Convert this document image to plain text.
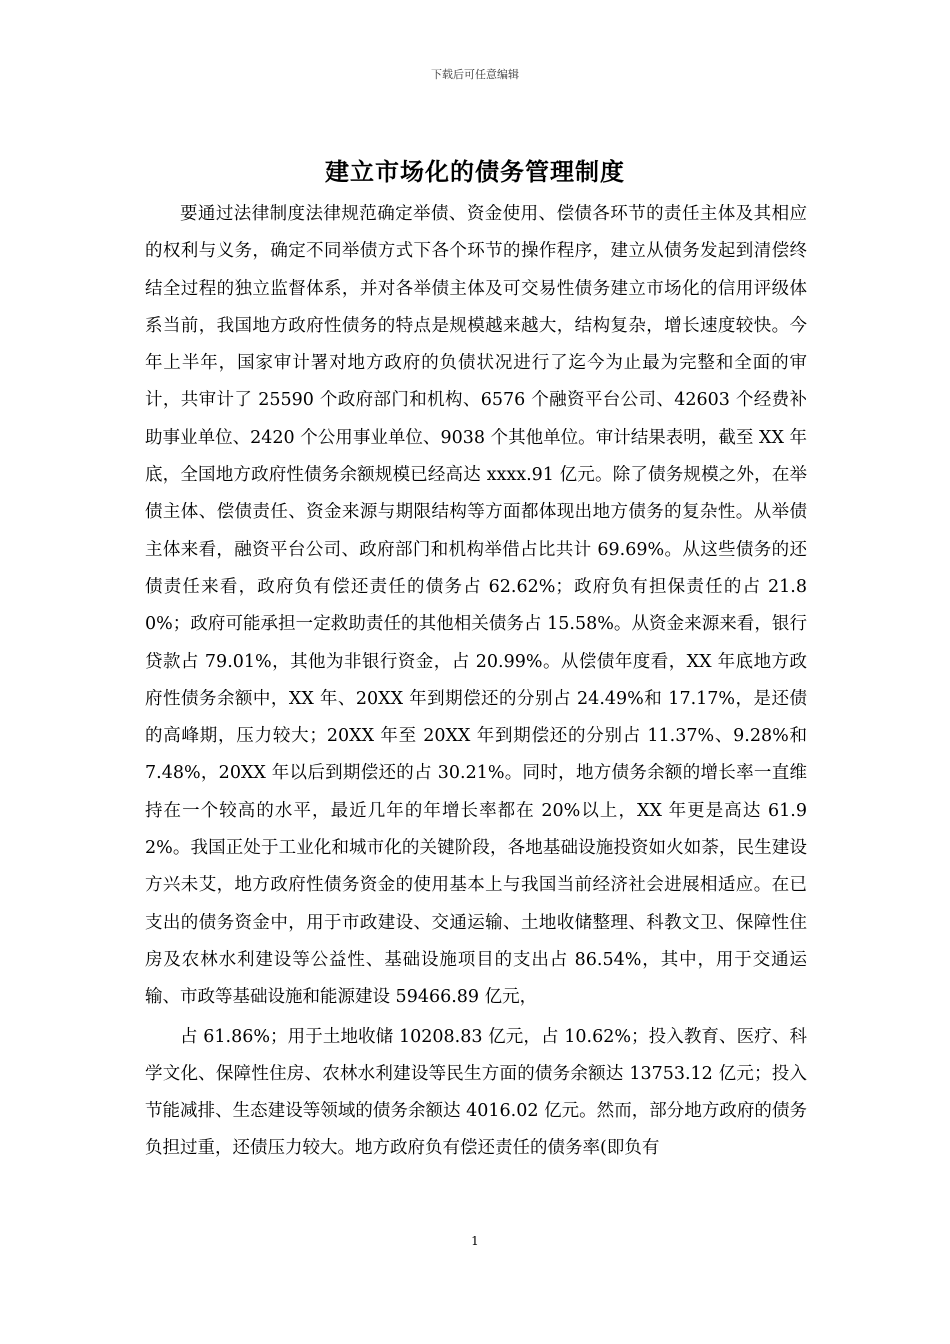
下载后可任意编辑
建立市场化的债务管理制度

要通过法律制度法律规范确定举债、资金使用、偿债各环节的责任主体及其相应的权利与义务，确定不同举债方式下各个环节的操作程序，建立从债务发起到清偿终结全过程的独立监督体系，并对各举债主体及可交易性债务建立市场化的信用评级体系当前，我国地方政府性债务的特点是规模越来越大，结构复杂，增长速度较快。今年上半年，国家审计署对地方政府的负债状况进行了迄今为止最为完整和全面的审计，共审计了 25590 个政府部门和机构、6576 个融资平台公司、42603 个经费补助事业单位、2420 个公用事业单位、9038 个其他单位。审计结果表明，截至 XX 年底，全国地方政府性债务余额规模已经高达 xxxx.91 亿元。除了债务规模之外，在举债主体、偿债责任、资金来源与期限结构等方面都体现出地方债务的复杂性。从举债主体来看，融资平台公司、政府部门和机构举借占比共计 69.69%。从这些债务的还债责任来看，政府负有偿还责任的债务占 62.62%；政府负有担保责任的占 21.80%；政府可能承担一定救助责任的其他相关债务占 15.58%。从资金来源来看，银行贷款占 79.01%，其他为非银行资金，占 20.99%。从偿债年度看，XX 年底地方政府性债务余额中，XX 年、20XX 年到期偿还的分别占 24.49%和 17.17%，是还债的高峰期，压力较大；20XX 年至 20XX 年到期偿还的分别占 11.37%、9.28%和 7.48%，20XX 年以后到期偿还的占 30.21%。同时，地方债务余额的增长率一直维持在一个较高的水平，最近几年的年增长率都在 20%以上，XX 年更是高达 61.92%。我国正处于工业化和城市化的关键阶段，各地基础设施投资如火如荼，民生建设方兴未艾，地方政府性债务资金的使用基本上与我国当前经济社会进展相适应。在已支出的债务资金中，用于市政建设、交通运输、土地收储整理、科教文卫、保障性住房及农林水利建设等公益性、基础设施项目的支出占 86.54%，其中，用于交通运输、市政等基础设施和能源建设 59466.89 亿元，

占 61.86%；用于土地收储 10208.83 亿元，占 10.62%；投入教育、医疗、科学文化、保障性住房、农林水利建设等民生方面的债务余额达 13753.12 亿元；投入节能减排、生态建设等领域的债务余额达 4016.02 亿元。然而，部分地方政府的债务负担过重，还债压力较大。地方政府负有偿还责任的债务率(即负有

1
